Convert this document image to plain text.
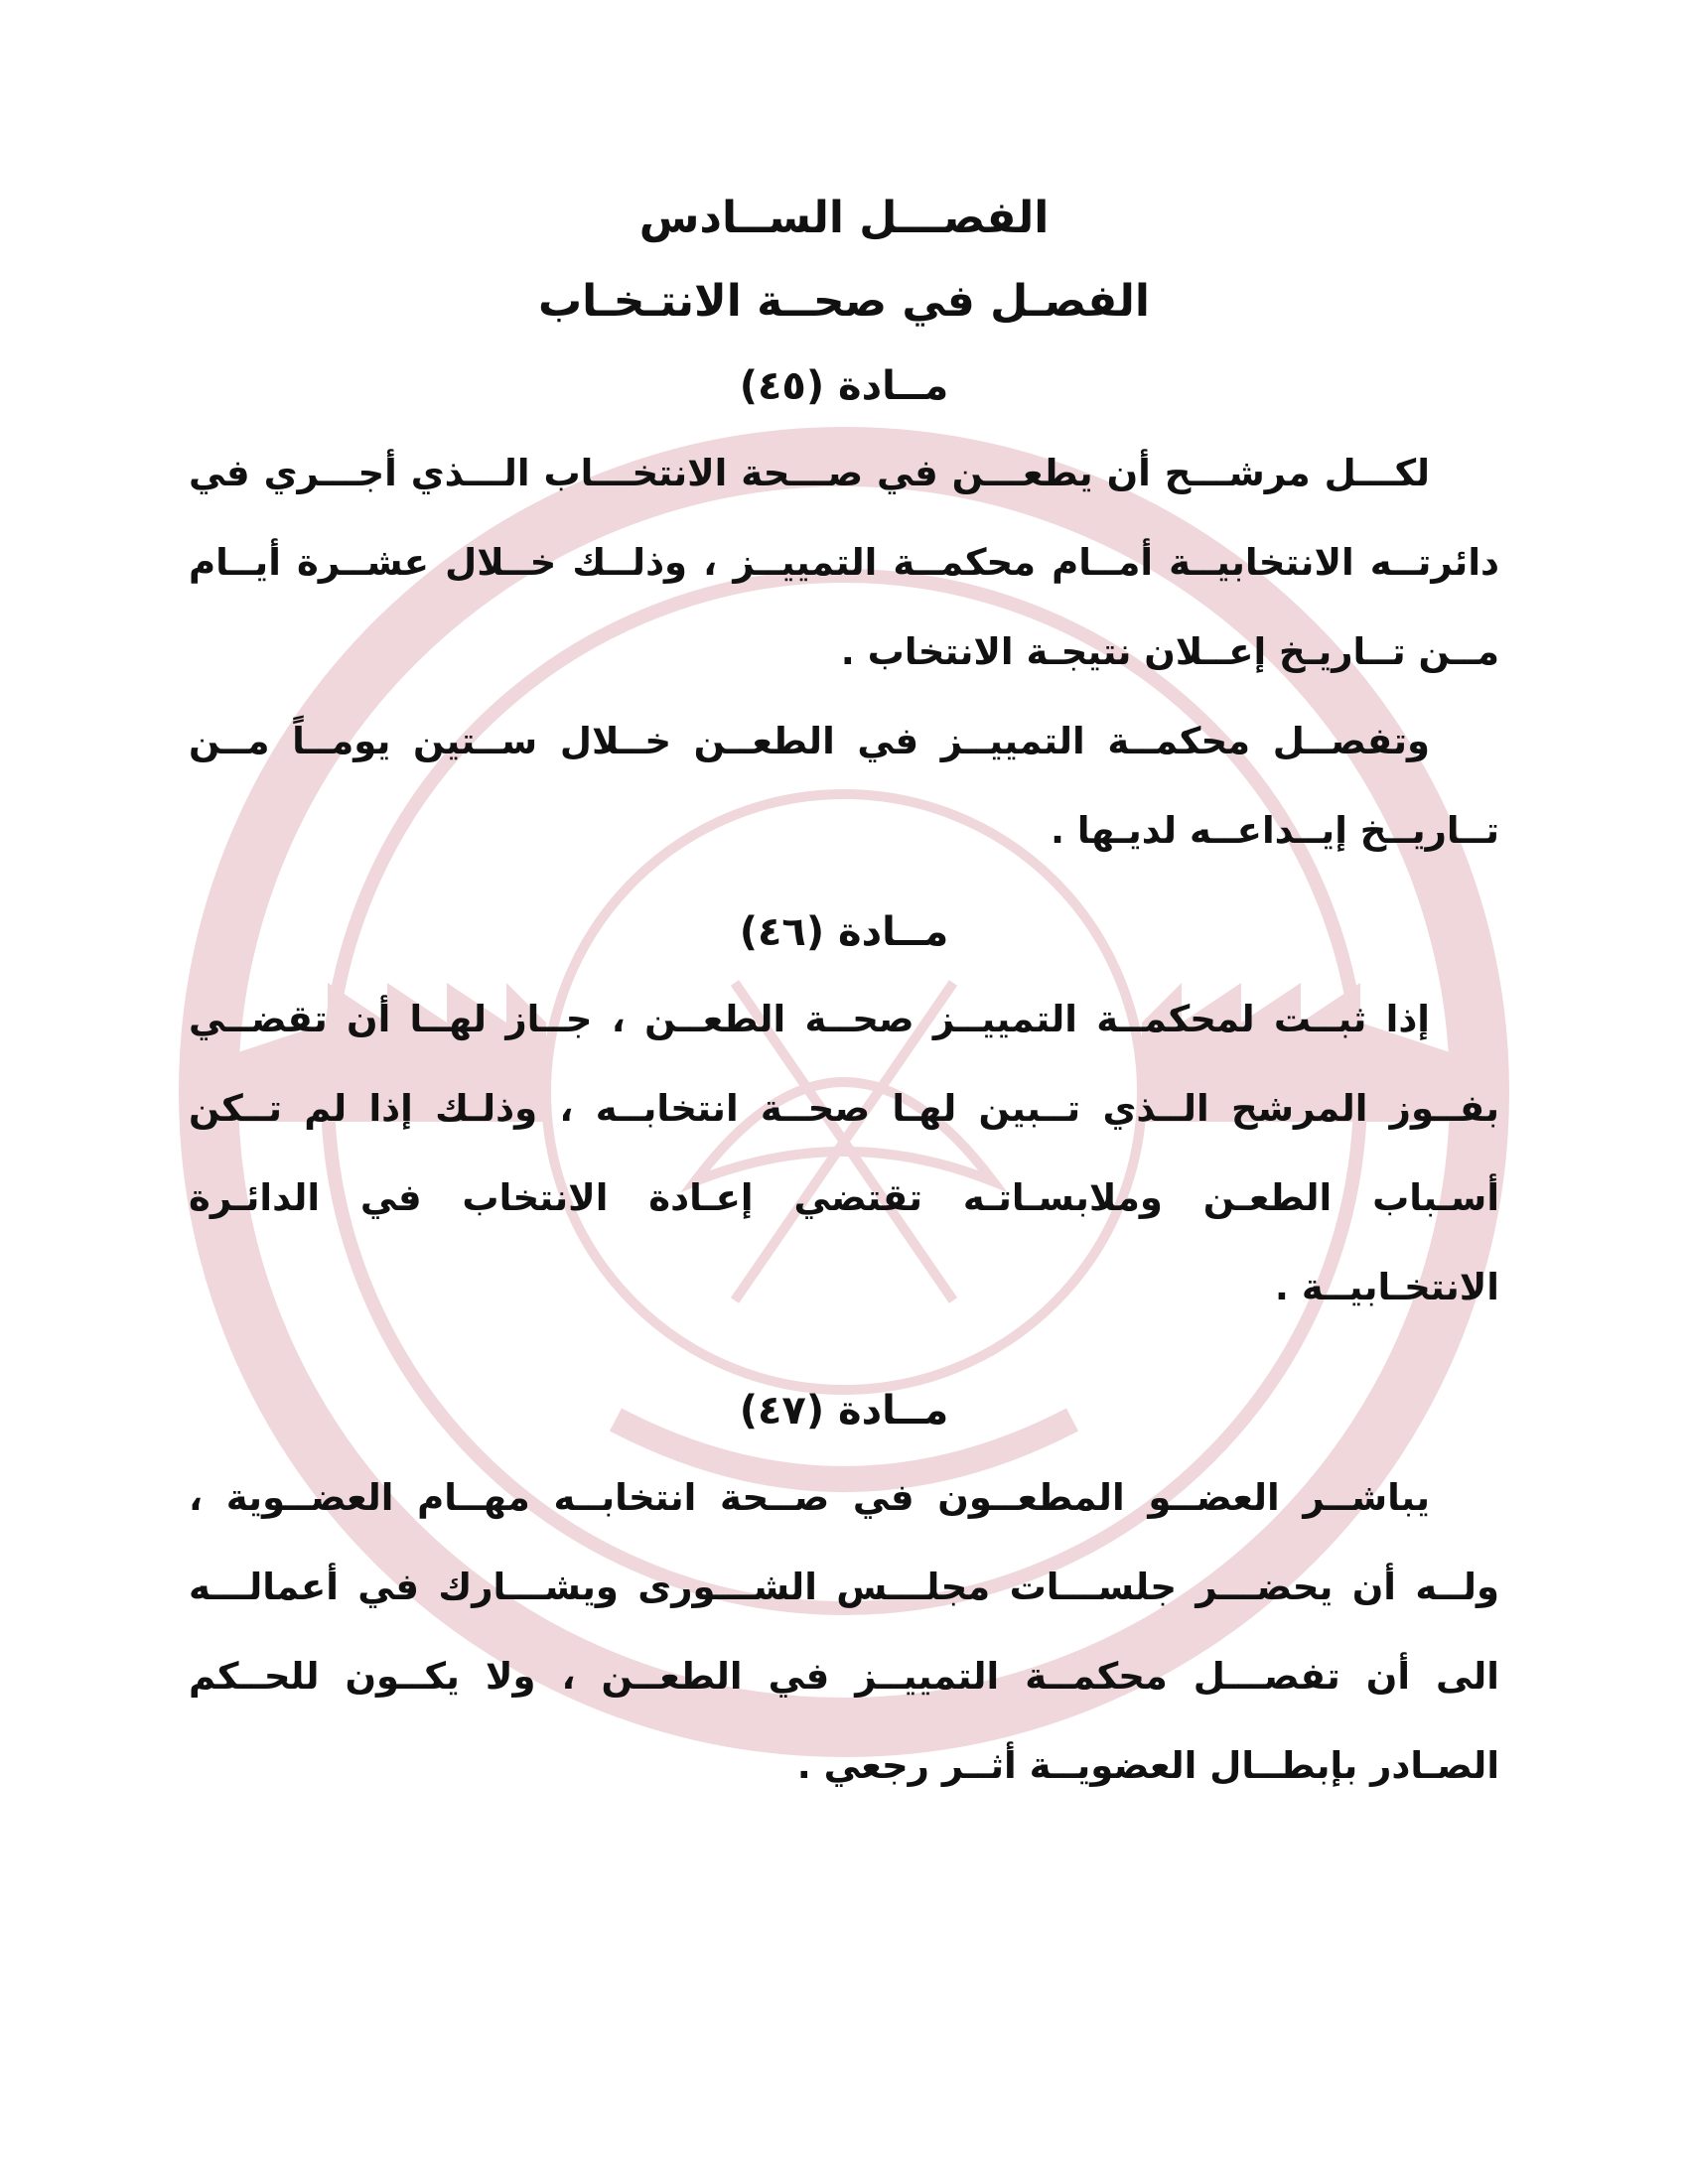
الفصـــل الســادس
الفصـل في صحــة الانتـخـاب
مــادة (٤٥)

لكـــل مرشـــح أن يطعـــن في صـــحة الانتخـــاب الـــذي أجـــري في دائرتــه الانتخابيــة أمــام محكمــة التمييــز ، وذلــك خــلال عشــرة أيــام مــن تــاريـخ إعــلان نتيجـة الانتخاب .

وتفصــل محكمــة التمييــز في الطعــن خــلال ســتين يومــاً مــن تــاريــخ إيــداعــه لديـها .

مــادة (٤٦)

إذا ثبــت لمحكمــة التمييــز صحــة الطعــن ، جــاز لهــا أن تقضــي بفــوز المرشح الــذي تــبين لهـا صحــة انتخابــه ، وذلـك إذا لم تــكن أسـباب الطعـن وملابسـاتـه تقتضي إعـادة الانتخاب في الدائـرة الانتخـابيــة .

مــادة (٤٧)

يباشــر العضــو المطعــون في صــحة انتخابــه مهــام العضــوية ، ولــه أن يحضـــر جلســـات مجلـــس الشـــورى ويشـــارك في أعمالـــه الى أن تفصـــل محكمــة التمييــز في الطعــن ، ولا يكــون للحــكم الصـادر بإبطــال العضويــة أثــر رجعي .
